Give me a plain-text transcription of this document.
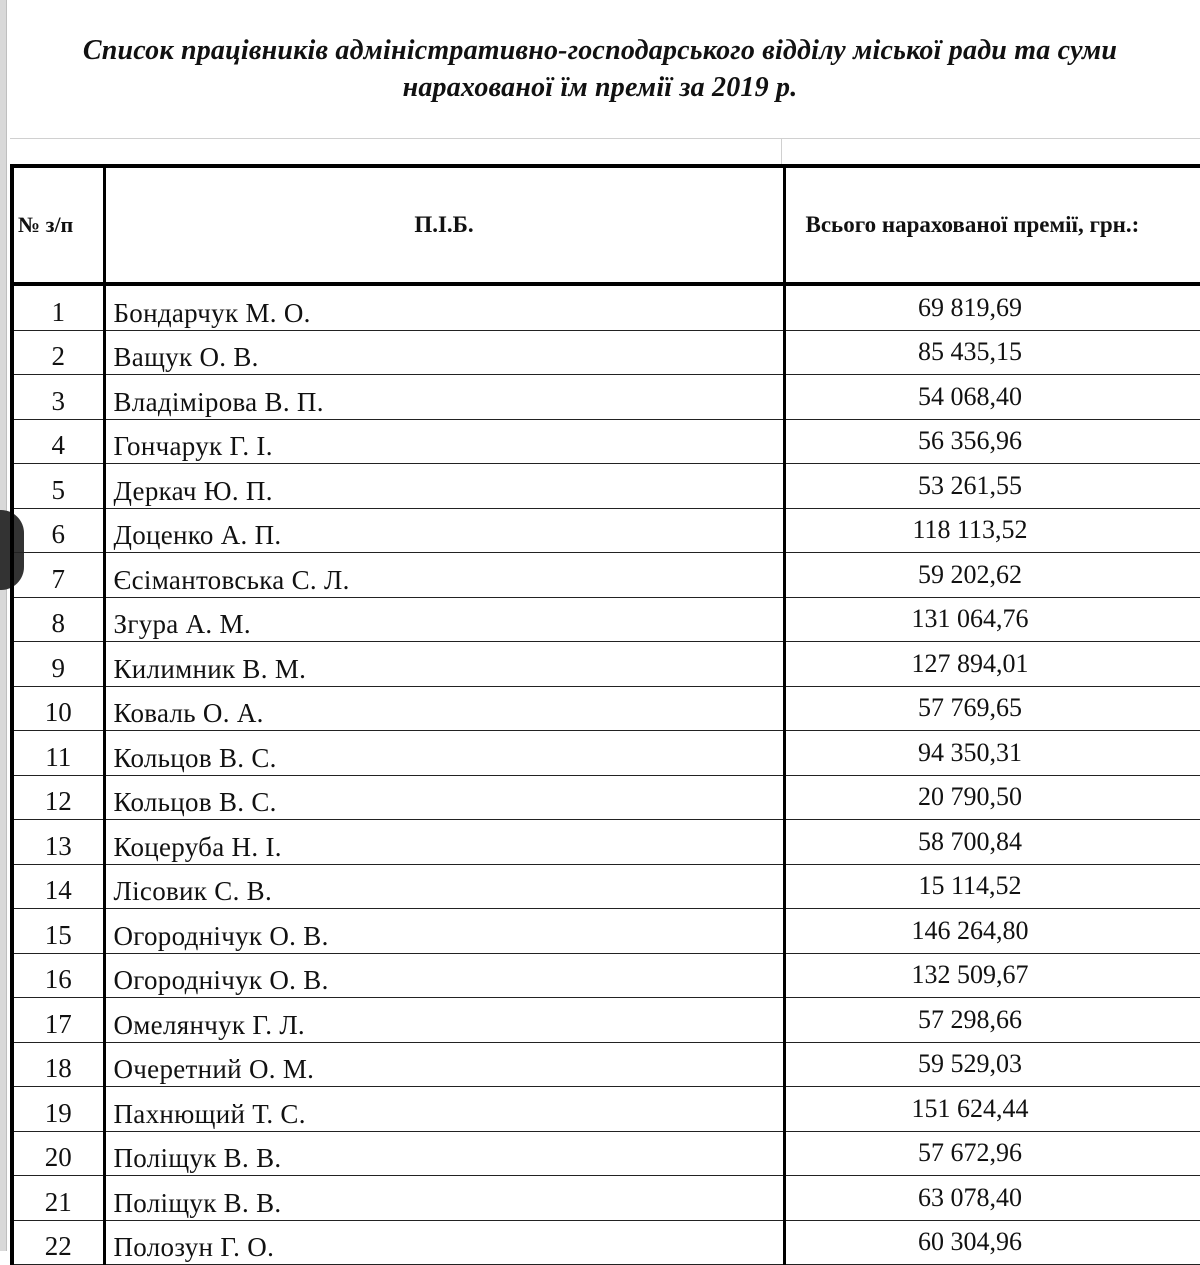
Список працівників адміністративно-господарського відділу міської ради та суми нарахованої їм премії за 2019 р.
№ з/п	П.І.Б.	Всього нарахованої премії, грн.:
1	Бондарчук М. О.	69 819,69
2	Ващук О. В.	85 435,15
3	Владімірова В. П.	54 068,40
4	Гончарук Г. І.	56 356,96
5	Деркач Ю. П.	53 261,55
6	Доценко А. П.	118 113,52
7	Єсімантовська С. Л.	59 202,62
8	Згура А. М.	131 064,76
9	Килимник В. М.	127 894,01
10	Коваль О. А.	57 769,65
11	Кольцов В. С.	94 350,31
12	Кольцов В. С.	20 790,50
13	Коцеруба Н. І.	58 700,84
14	Лісовик С. В.	15 114,52
15	Огороднічук О. В.	146 264,80
16	Огороднічук О. В.	132 509,67
17	Омелянчук Г. Л.	57 298,66
18	Очеретний О. М.	59 529,03
19	Пахнющий Т. С.	151 624,44
20	Поліщук В. В.	57 672,96
21	Поліщук В. В.	63 078,40
22	Полозун Г. О.	60 304,96
